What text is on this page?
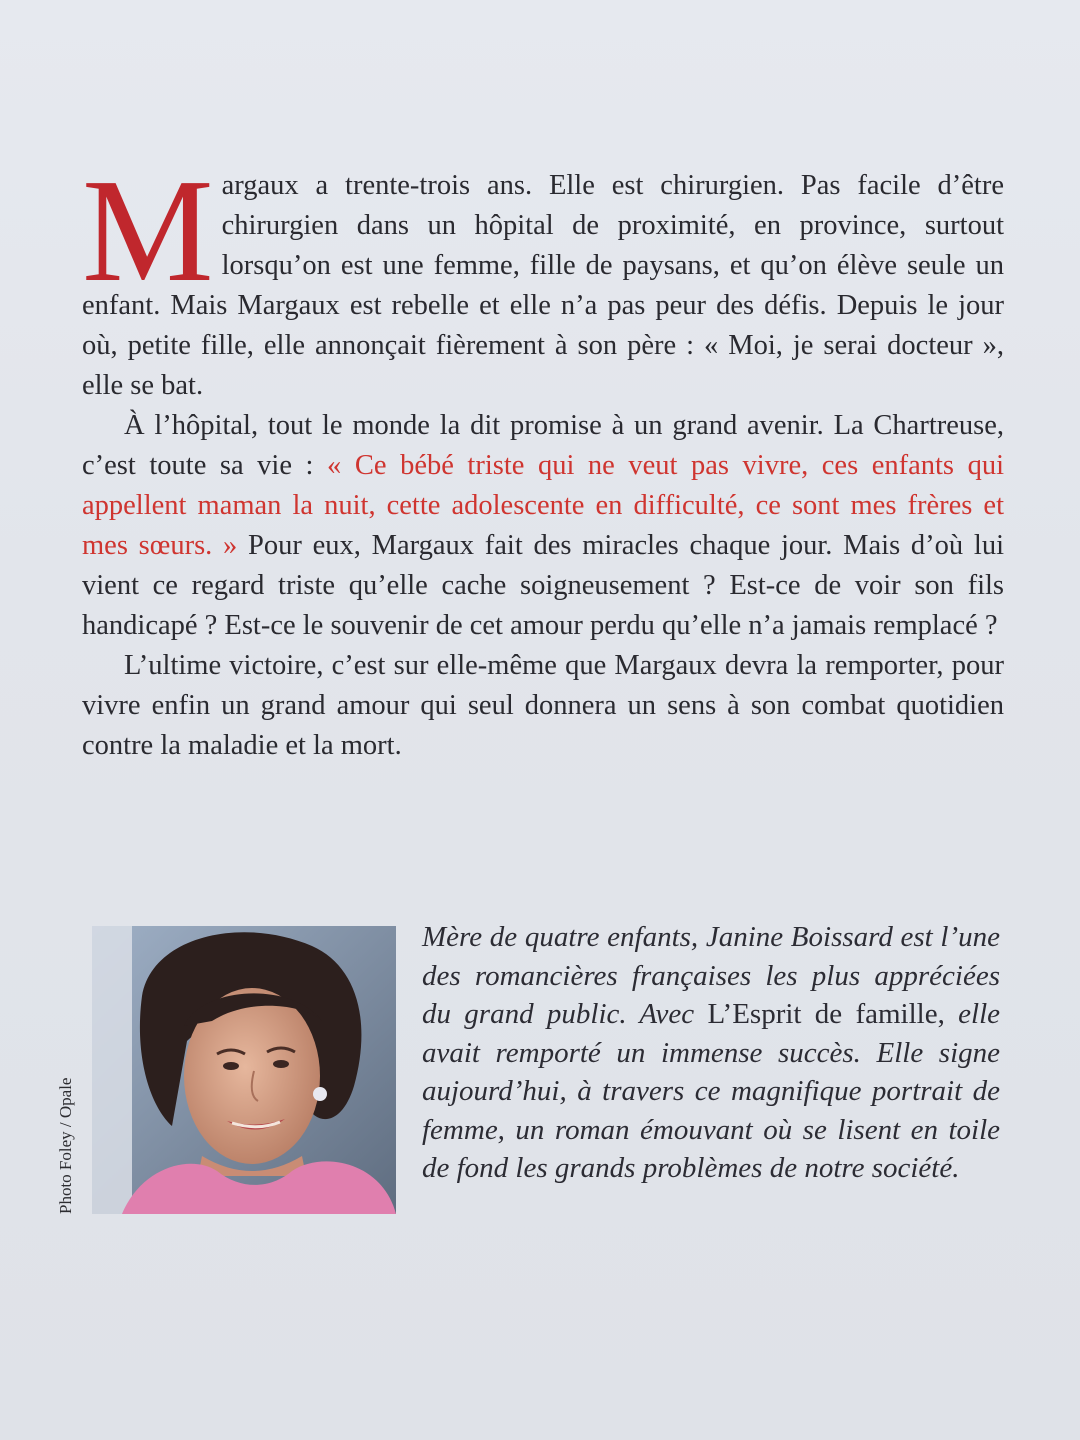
Margaux a trente-trois ans. Elle est chirurgien. Pas facile d’être chirurgien dans un hôpital de proximité, en province, surtout lorsqu’on est une femme, fille de paysans, et qu’on élève seule un enfant. Mais Margaux est rebelle et elle n’a pas peur des défis. Depuis le jour où, petite fille, elle annonçait fièrement à son père : « Moi, je serai docteur », elle se bat.

À l’hôpital, tout le monde la dit promise à un grand avenir. La Chartreuse, c’est toute sa vie : « Ce bébé triste qui ne veut pas vivre, ces enfants qui appellent maman la nuit, cette adolescente en difficulté, ce sont mes frères et mes sœurs. » Pour eux, Margaux fait des miracles chaque jour. Mais d’où lui vient ce regard triste qu’elle cache soigneusement ? Est-ce de voir son fils handicapé ? Est-ce le souvenir de cet amour perdu qu’elle n’a jamais remplacé ?

L’ultime victoire, c’est sur elle-même que Margaux devra la remporter, pour vivre enfin un grand amour qui seul donnera un sens à son combat quotidien contre la maladie et la mort.

Photo Foley / Opale
Mère de quatre enfants, Janine Boissard est l’une des romancières françaises les plus appréciées du grand public. Avec L’Esprit de famille, elle avait remporté un immense succès. Elle signe aujourd’hui, à travers ce magnifique portrait de femme, un roman émouvant où se lisent en toile de fond les grands problèmes de notre société.
